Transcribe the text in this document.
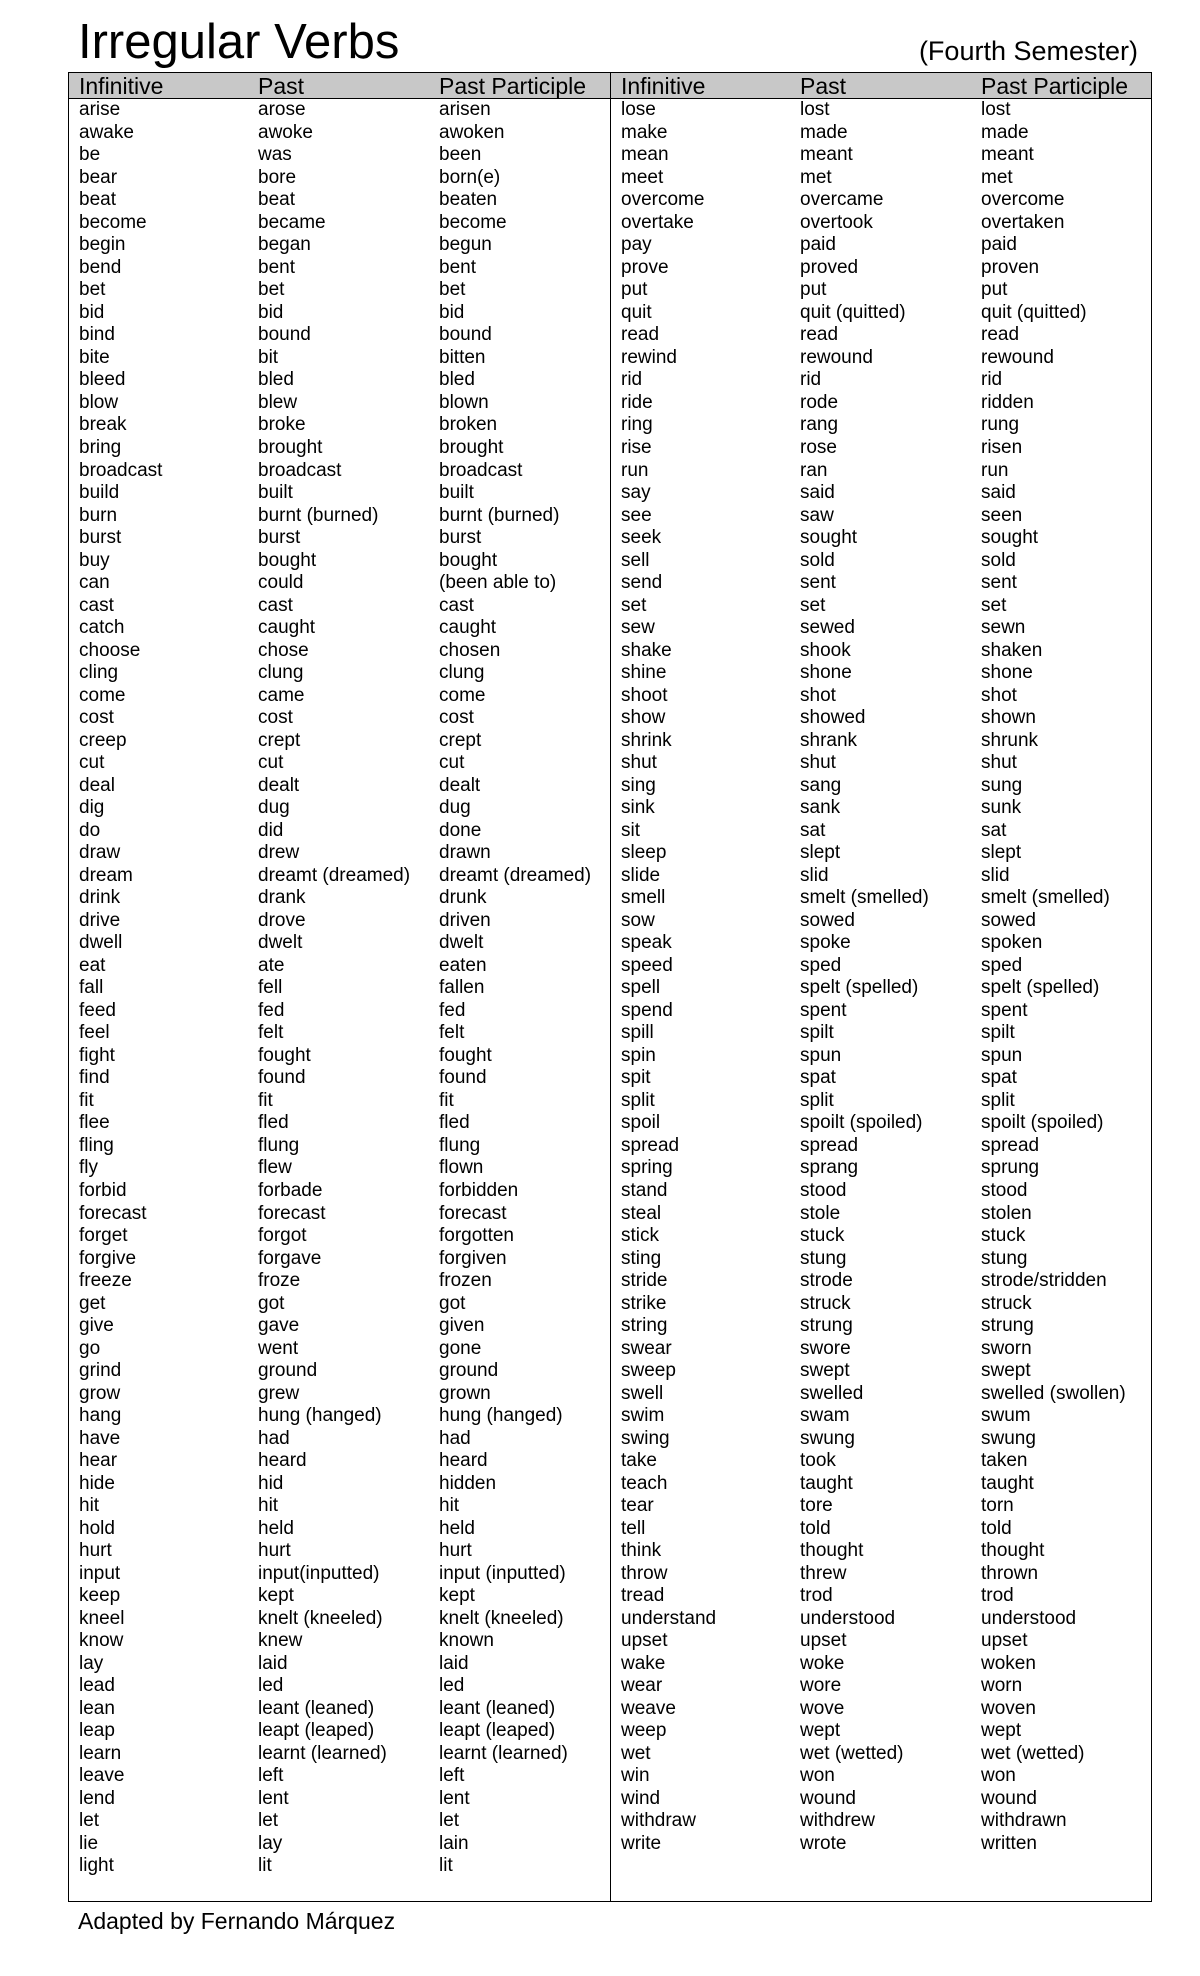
Irregular Verbs	(Fourth Semester)
Infinitive	Past	Past Participle
arise	arose	arisen
awake	awoke	awoken
be	was	been
bear	bore	born(e)
beat	beat	beaten
become	became	become
begin	began	begun
bend	bent	bent
bet	bet	bet
bid	bid	bid
bind	bound	bound
bite	bit	bitten
bleed	bled	bled
blow	blew	blown
break	broke	broken
bring	brought	brought
broadcast	broadcast	broadcast
build	built	built
burn	burnt (burned)	burnt (burned)
burst	burst	burst
buy	bought	bought
can	could	(been able to)
cast	cast	cast
catch	caught	caught
choose	chose	chosen
cling	clung	clung
come	came	come
cost	cost	cost
creep	crept	crept
cut	cut	cut
deal	dealt	dealt
dig	dug	dug
do	did	done
draw	drew	drawn
dream	dreamt (dreamed)	dreamt (dreamed)
drink	drank	drunk
drive	drove	driven
dwell	dwelt	dwelt
eat	ate	eaten
fall	fell	fallen
feed	fed	fed
feel	felt	felt
fight	fought	fought
find	found	found
fit	fit	fit
flee	fled	fled
fling	flung	flung
fly	flew	flown
forbid	forbade	forbidden
forecast	forecast	forecast
forget	forgot	forgotten
forgive	forgave	forgiven
freeze	froze	frozen
get	got	got
give	gave	given
go	went	gone
grind	ground	ground
grow	grew	grown
hang	hung (hanged)	hung (hanged)
have	had	had
hear	heard	heard
hide	hid	hidden
hit	hit	hit
hold	held	held
hurt	hurt	hurt
input	input(inputted)	input (inputted)
keep	kept	kept
kneel	knelt (kneeled)	knelt (kneeled)
know	knew	known
lay	laid	laid
lead	led	led
lean	leant (leaned)	leant (leaned)
leap	leapt (leaped)	leapt (leaped)
learn	learnt (learned)	learnt (learned)
leave	left	left
lend	lent	lent
let	let	let
lie	lay	lain
light	lit	lit
Infinitive	Past	Past Participle
lose	lost	lost
make	made	made
mean	meant	meant
meet	met	met
overcome	overcame	overcome
overtake	overtook	overtaken
pay	paid	paid
prove	proved	proven
put	put	put
quit	quit (quitted)	quit (quitted)
read	read	read
rewind	rewound	rewound
rid	rid	rid
ride	rode	ridden
ring	rang	rung
rise	rose	risen
run	ran	run
say	said	said
see	saw	seen
seek	sought	sought
sell	sold	sold
send	sent	sent
set	set	set
sew	sewed	sewn
shake	shook	shaken
shine	shone	shone
shoot	shot	shot
show	showed	shown
shrink	shrank	shrunk
shut	shut	shut
sing	sang	sung
sink	sank	sunk
sit	sat	sat
sleep	slept	slept
slide	slid	slid
smell	smelt (smelled)	smelt (smelled)
sow	sowed	sowed
speak	spoke	spoken
speed	sped	sped
spell	spelt (spelled)	spelt (spelled)
spend	spent	spent
spill	spilt	spilt
spin	spun	spun
spit	spat	spat
split	split	split
spoil	spoilt (spoiled)	spoilt (spoiled)
spread	spread	spread
spring	sprang	sprung
stand	stood	stood
steal	stole	stolen
stick	stuck	stuck
sting	stung	stung
stride	strode	strode/stridden
strike	struck	struck
string	strung	strung
swear	swore	sworn
sweep	swept	swept
swell	swelled	swelled (swollen)
swim	swam	swum
swing	swung	swung
take	took	taken
teach	taught	taught
tear	tore	torn
tell	told	told
think	thought	thought
throw	threw	thrown
tread	trod	trod
understand	understood	understood
upset	upset	upset
wake	woke	woken
wear	wore	worn
weave	wove	woven
weep	wept	wept
wet	wet (wetted)	wet (wetted)
win	won	won
wind	wound	wound
withdraw	withdrew	withdrawn
write	wrote	written
Adapted by Fernando Márquez
